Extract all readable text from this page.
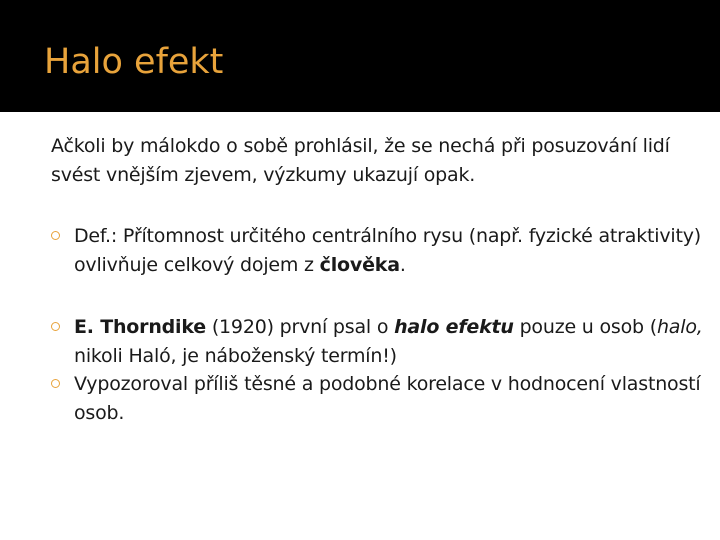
Halo efekt
Ačkoli by málokdo o sobě prohlásil, že se nechá při posuzování lidí svést vnějším zjevem, výzkumy ukazují opak.
Def.: Přítomnost určitého centrálního rysu (např. fyzické atraktivity) ovlivňuje celkový dojem z člověka.
E. Thorndike (1920) první psal o halo efektu pouze u osob (halo, nikoli Haló, je náboženský termín!)
Vypozoroval příliš těsné a podobné korelace v hodnocení vlastností osob.
